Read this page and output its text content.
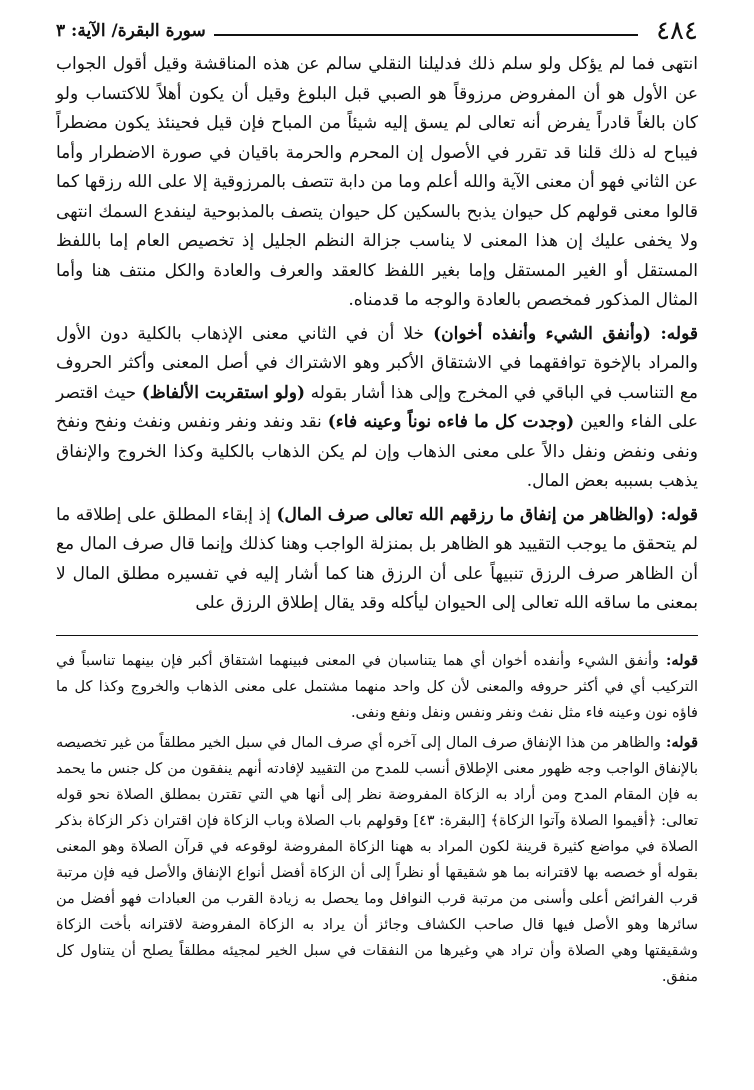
٤٨٤
سورة البقرة/ الآية: ٣

انتهى فما لم يؤكل ولو سلم ذلك فدليلنا النقلي سالم عن هذه المناقشة وقيل أقول الجواب عن الأول هو أن المفروض مرزوقاً هو الصبي قبل البلوغ وقيل أن يكون أهلاً للاكتساب ولو كان بالغاً قادراً يفرض أنه تعالى لم يسق إليه شيئاً من المباح فإن قيل فحينئذ يكون مضطراً فيباح له ذلك قلنا قد تقرر في الأصول إن المحرم والحرمة باقيان في صورة الاضطرار وأما عن الثاني فهو أن معنى الآية والله أعلم وما من دابة تتصف بالمرزوقية إلا على الله رزقها كما قالوا معنى قولهم كل حيوان يذبح بالسكين كل حيوان يتصف بالمذبوحية لينفدع السمك انتهى ولا يخفى عليك إن هذا المعنى لا يناسب جزالة النظم الجليل إذ تخصيص العام إما باللفظ المستقل أو الغير المستقل وإما بغير اللفظ كالعقد والعرف والعادة والكل منتف هنا وأما المثال المذكور فمخصص بالعادة والوجه ما قدمناه.

قوله: (وأنفق الشيء وأنفذه أخوان) خلا أن في الثاني معنى الإذهاب بالكلية دون الأول والمراد بالإخوة توافقهما في الاشتقاق الأكبر وهو الاشتراك في أصل المعنى وأكثر الحروف مع التناسب في الباقي في المخرج وإلى هذا أشار بقوله (ولو استقربت الألفاظ) حيث اقتصر على الفاء والعين (وجدت كل ما فاءه نوناً وعينه فاء) نقد ونفد ونفر ونفس ونفث ونفح ونفخ ونفى ونفض ونفل دالاً على معنى الذهاب وإن لم يكن الذهاب بالكلية وكذا الخروج والإنفاق يذهب بسببه بعض المال.

قوله: (والظاهر من إنفاق ما رزقهم الله تعالى صرف المال) إذ إبقاء المطلق على إطلاقه ما لم يتحقق ما يوجب التقييد هو الظاهر بل بمنزلة الواجب وهنا كذلك وإنما قال صرف المال مع أن الظاهر صرف الرزق تنبيهاً على أن الرزق هنا كما أشار إليه في تفسيره مطلق المال لا بمعنى ما ساقه الله تعالى إلى الحيوان ليأكله وقد يقال إطلاق الرزق على

قوله: وأنفق الشيء وأنفده أخوان أي هما يتناسبان في المعنى فبينهما اشتقاق أكبر فإن بينهما تناسباً في التركيب أي في أكثر حروفه والمعنى لأن كل واحد منهما مشتمل على معنى الذهاب والخروج وكذا كل ما فاؤه نون وعينه فاء مثل نفث ونفر ونفس ونفل ونفع ونفى.

قوله: والظاهر من هذا الإنفاق صرف المال إلى آخره أي صرف المال في سبل الخير مطلقاً من غير تخصيصه بالإنفاق الواجب وجه ظهور معنى الإطلاق أنسب للمدح من التقييد لإفادته أنهم ينفقون من كل جنس ما يحمد به فإن المقام المدح ومن أراد به الزكاة المفروضة نظر إلى أنها هي التي تقترن بمطلق الصلاة نحو قوله تعالى: ﴿أقيموا الصلاة وآتوا الزكاة﴾ [البقرة: ٤٣] وقولهم باب الصلاة وباب الزكاة فإن اقتران ذكر الزكاة بذكر الصلاة في مواضع كثيرة قرينة لكون المراد به ههنا الزكاة المفروضة لوقوعه في قرآن الصلاة وهو المعنى بقوله أو خصصه بها لاقترانه بما هو شقيقها أو نظراً إلى أن الزكاة أفضل أنواع الإنفاق والأصل فيه فإن مرتبة قرب الفرائض أعلى وأسنى من مرتبة قرب النوافل وما يحصل به زيادة القرب من العبادات فهو أفضل من سائرها وهو الأصل فيها قال صاحب الكشاف وجائز أن يراد به الزكاة المفروضة لاقترانه بأخت الزكاة وشقيقتها وهي الصلاة وأن تراد هي وغيرها من النفقات في سبل الخير لمجيئه مطلقاً يصلح أن يتناول كل منفق.
